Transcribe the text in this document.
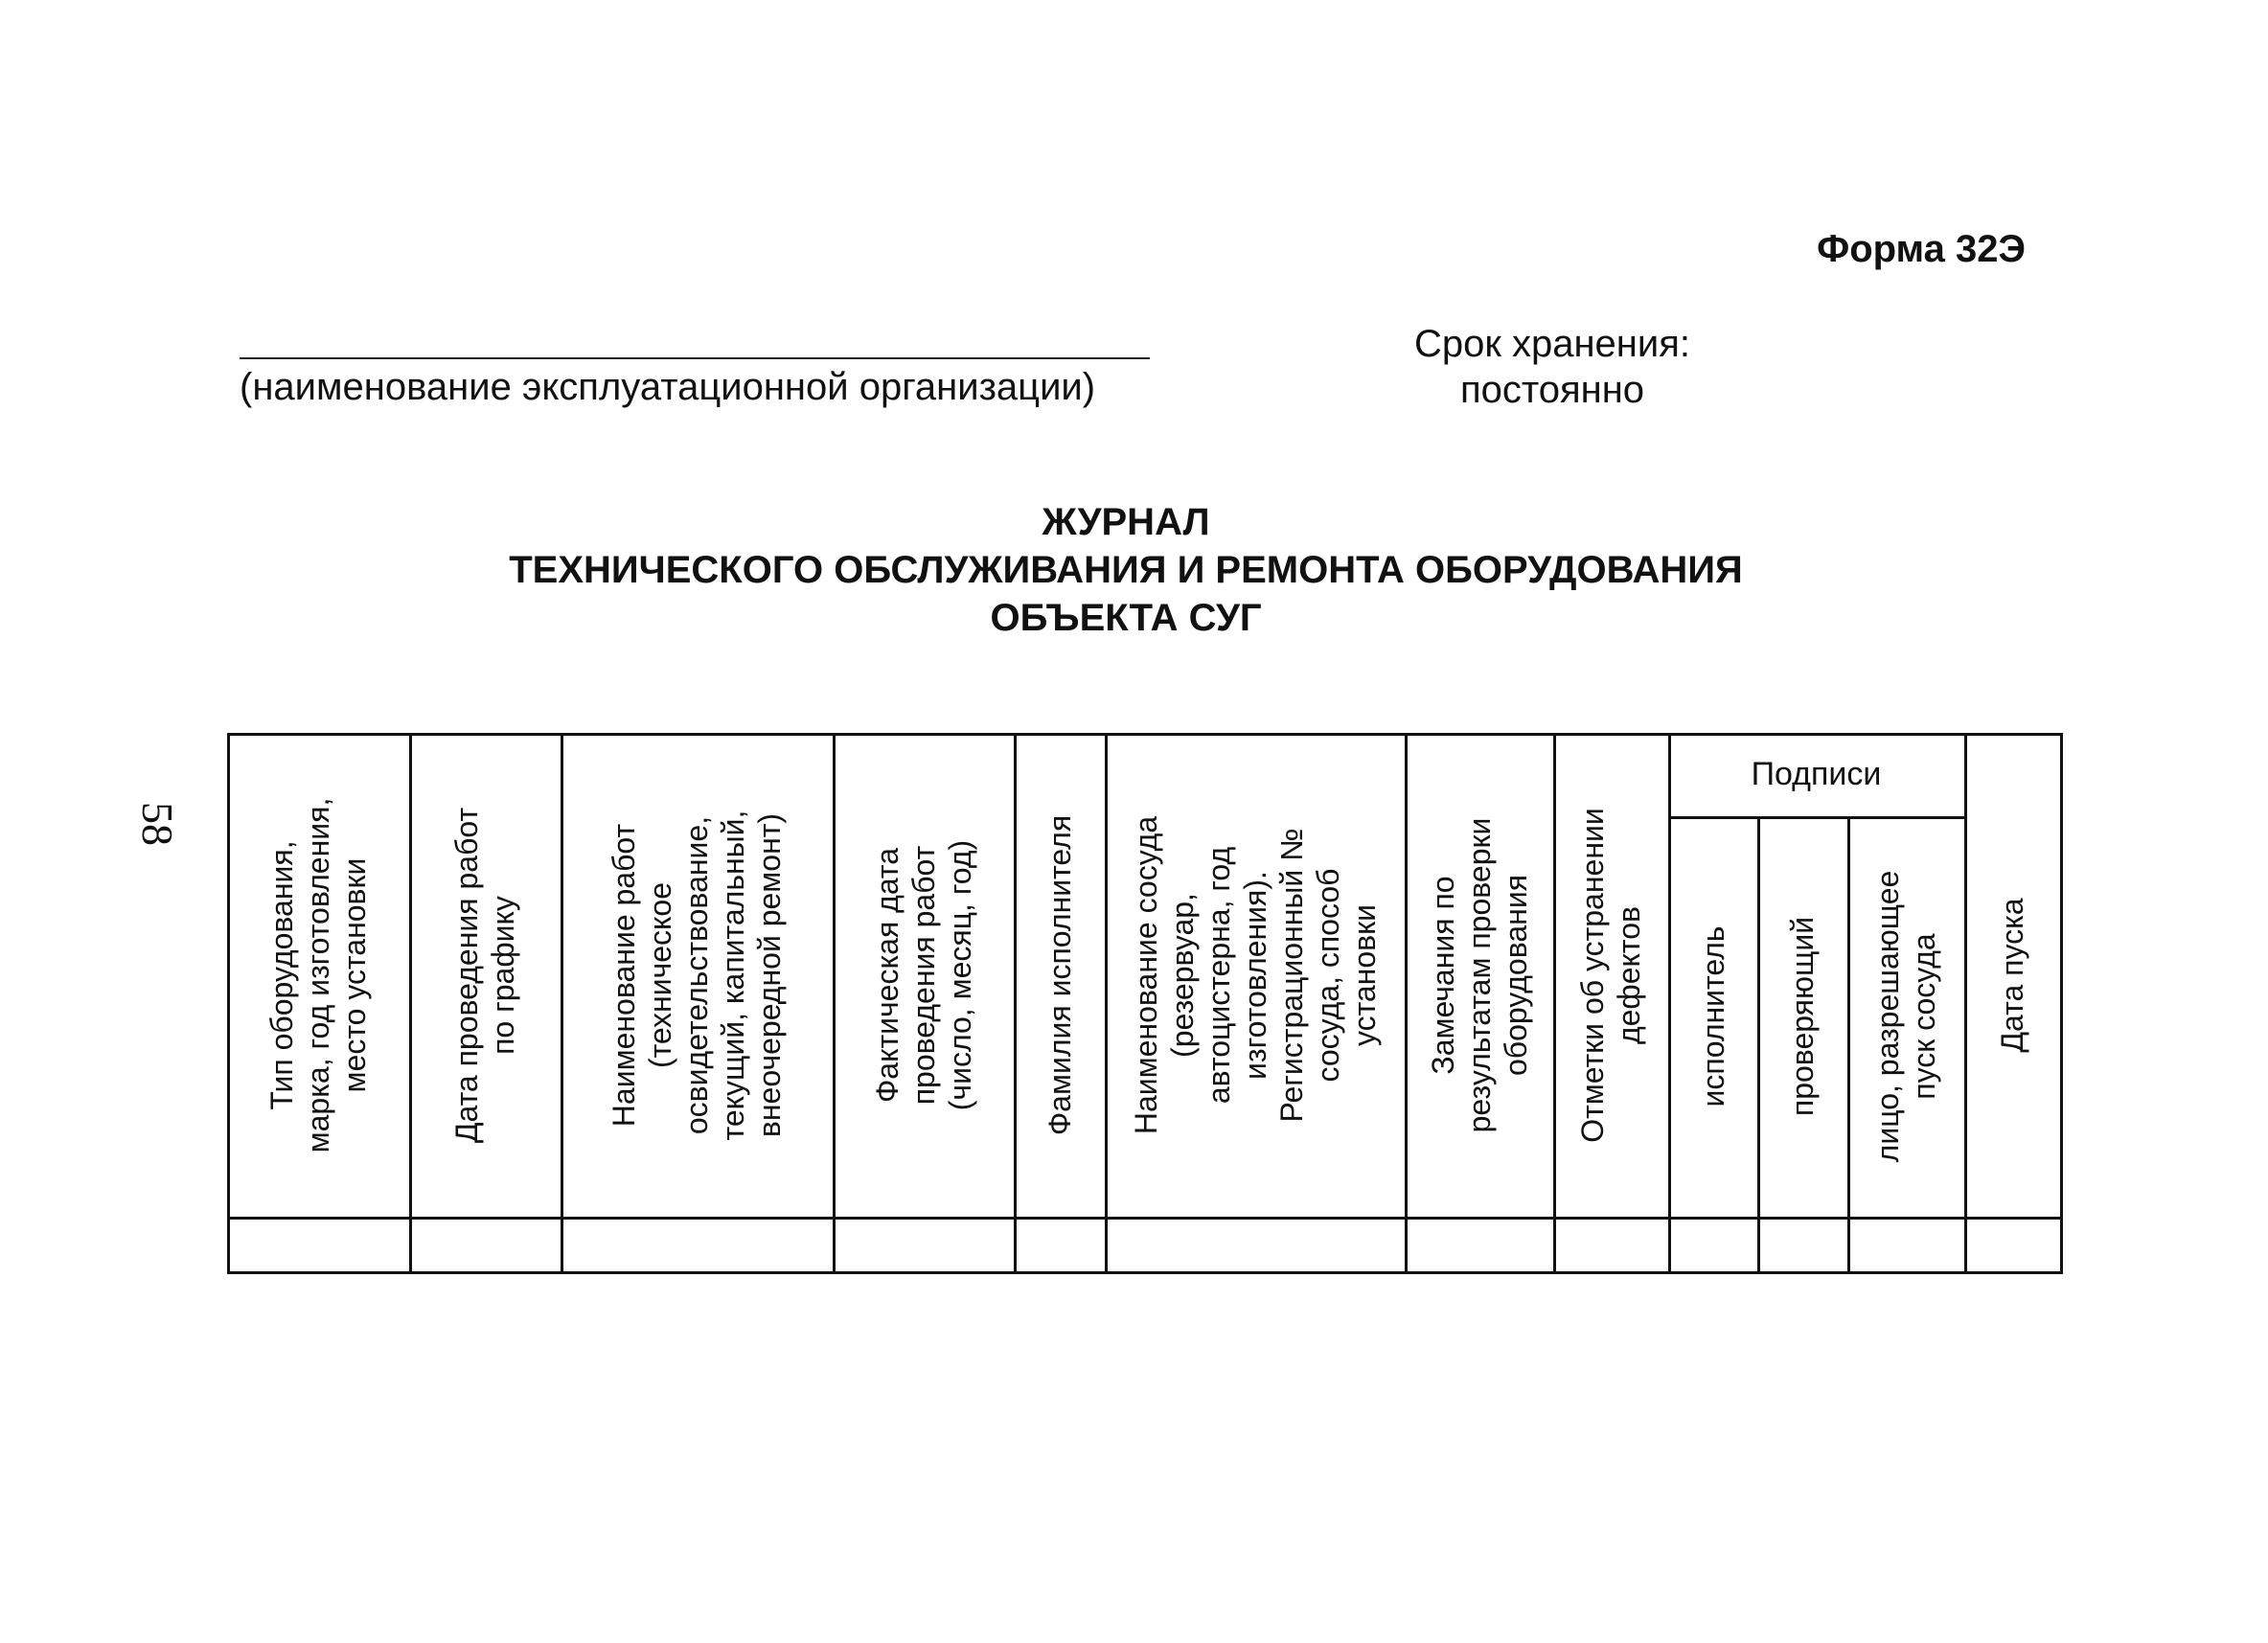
Форма 32Э
(наименование эксплуатационной организации)
Срок хранения:
постоянно
ЖУРНАЛ
ТЕХНИЧЕСКОГО ОБСЛУЖИВАНИЯ И РЕМОНТА ОБОРУДОВАНИЯ
ОБЪЕКТА СУГ
58
Тип оборудования,
марка, год изготовления,
место установки
Дата проведения работ
по графику	Наименование работ
(техническое
освидетельствование,
текущий, капитальный,
внеочередной ремонт)
Фактическая дата
проведения работ
(число, месяц, год) Фамилия исполнителя Наименование сосуда
(резервуар,
автоцистерна, год
изготовления).
Регистрационный №
сосуда, способ
установки Замечания по
результатам проверки
оборудования
Отметки об устранении
дефектов
Подписи
исполнитель проверяющий
лицо, разрешающее
пуск сосуда Дата пуска
